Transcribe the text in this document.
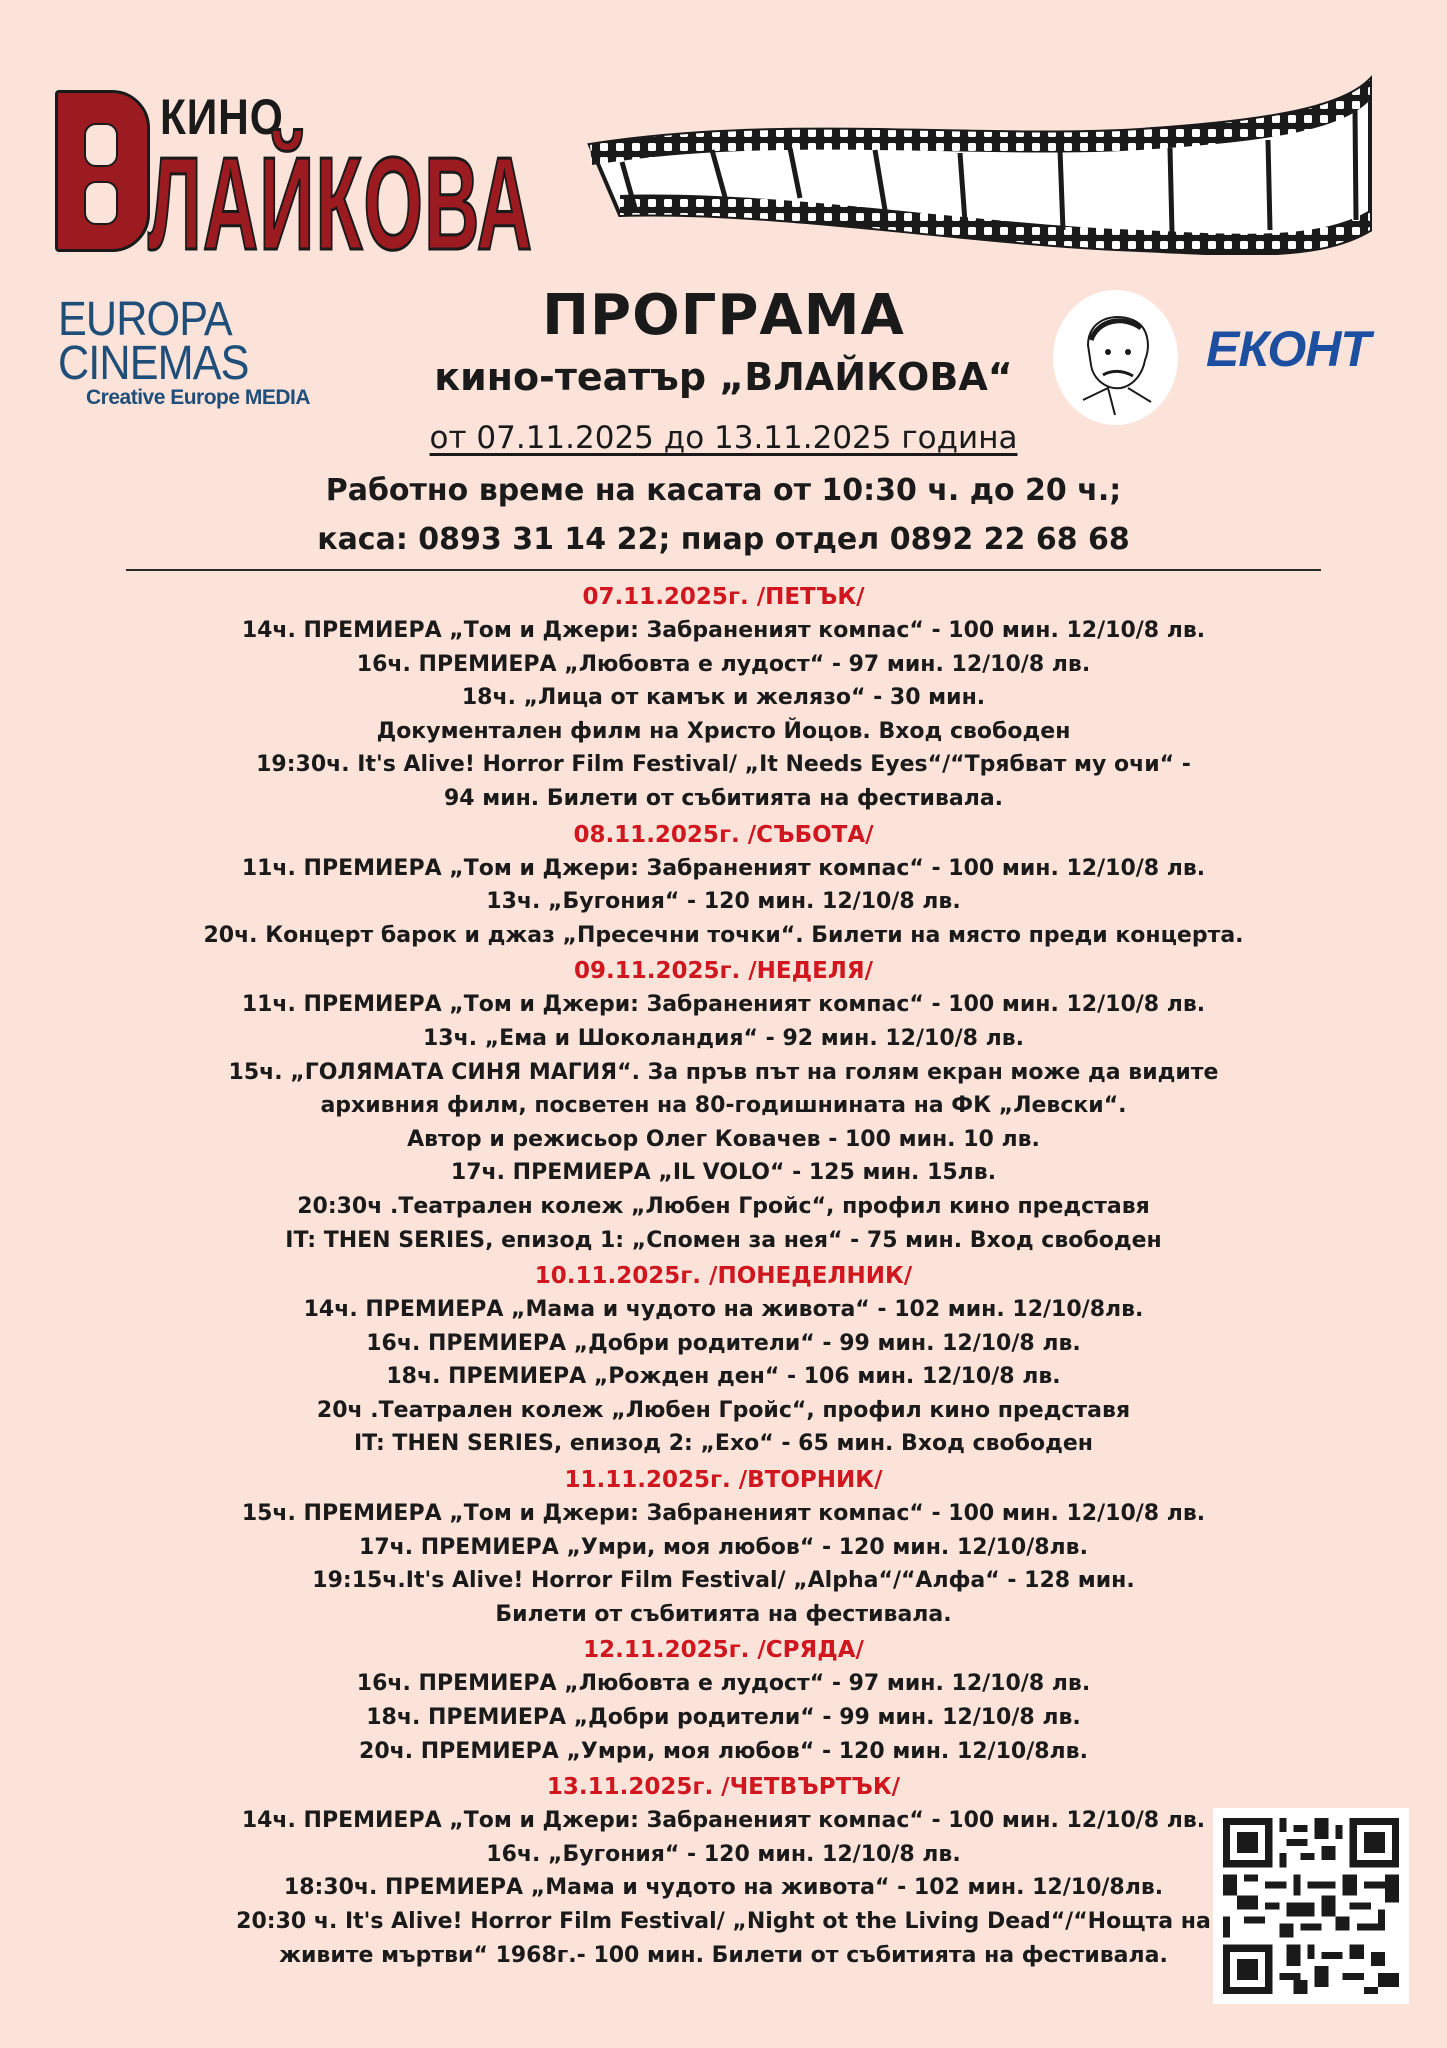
КИНО
ЛАЙКОВА
EUROPA
CINEMAS
Creative Europe MEDIA
ЕКОНТ
ПРОГРАМА
кино-театър „ВЛАЙКОВА“
от 07.11.2025 до 13.11.2025 година
Работно време на касата от 10:30 ч. до 20 ч.;
каса: 0893 31 14 22; пиар отдел 0892 22 68 68
07.11.2025г. /ПЕТЪК/
14ч. ПРЕМИЕРА „Том и Джери: Забраненият компас“ - 100 мин. 12/10/8 лв.
16ч. ПРЕМИЕРА „Любовта е лудост“ - 97 мин. 12/10/8 лв.
18ч. „Лица от камък и желязо“ - 30 мин.
Документален филм на Христо Йоцов. Вход свободен
19:30ч. It's Alive! Horror Film Festival/ „It Needs Eyes“/“Трябват му очи“ -
94 мин. Билети от събитията на фестивала.
08.11.2025г. /СЪБОТА/
11ч. ПРЕМИЕРА „Том и Джери: Забраненият компас“ - 100 мин. 12/10/8 лв.
13ч. „Бугония“ - 120 мин. 12/10/8 лв.
20ч. Концерт барок и джаз „Пресечни точки“. Билети на място преди концерта.
09.11.2025г. /НЕДЕЛЯ/
11ч. ПРЕМИЕРА „Том и Джери: Забраненият компас“ - 100 мин. 12/10/8 лв.
13ч. „Ема и Шоколандия“ - 92 мин. 12/10/8 лв.
15ч. „ГОЛЯМАТА СИНЯ МАГИЯ“. За пръв път на голям екран може да видите
архивния филм, посветен на 80-годишнината на ФК „Левски“.
Автор и режисьор Олег Ковачев - 100 мин. 10 лв.
17ч. ПРЕМИЕРА „IL VOLO“ - 125 мин. 15лв.
20:30ч .Театрален колеж „Любен Гройс“, профил кино представя
IT: THEN SERIES, епизод 1: „Спомен за нея“ - 75 мин. Вход свободен
10.11.2025г. /ПОНЕДЕЛНИК/
14ч. ПРЕМИЕРА „Мама и чудото на живота“ - 102 мин. 12/10/8лв.
16ч. ПРЕМИЕРА „Добри родители“ - 99 мин. 12/10/8 лв.
18ч. ПРЕМИЕРА „Рожден ден“ - 106 мин. 12/10/8 лв.
20ч .Театрален колеж „Любен Гройс“, профил кино представя
IT: THEN SERIES, епизод 2: „Ехо“ - 65 мин. Вход свободен
11.11.2025г. /ВТОРНИК/
15ч. ПРЕМИЕРА „Том и Джери: Забраненият компас“ - 100 мин. 12/10/8 лв.
17ч. ПРЕМИЕРА „Умри, моя любов“ - 120 мин. 12/10/8лв.
19:15ч.It's Alive! Horror Film Festival/ „Alpha“/“Алфа“ - 128 мин.
Билети от събитията на фестивала.
12.11.2025г. /СРЯДА/
16ч. ПРЕМИЕРА „Любовта е лудост“ - 97 мин. 12/10/8 лв.
18ч. ПРЕМИЕРА „Добри родители“ - 99 мин. 12/10/8 лв.
20ч. ПРЕМИЕРА „Умри, моя любов“ - 120 мин. 12/10/8лв.
13.11.2025г. /ЧЕТВЪРТЪК/
14ч. ПРЕМИЕРА „Том и Джери: Забраненият компас“ - 100 мин. 12/10/8 лв.
16ч. „Бугония“ - 120 мин. 12/10/8 лв.
18:30ч. ПРЕМИЕРА „Мама и чудото на живота“ - 102 мин. 12/10/8лв.
20:30 ч. It's Alive! Horror Film Festival/ „Night ot the Living Dead“/“Нощта на
живите мъртви“ 1968г.- 100 мин. Билети от събитията на фестивала.
